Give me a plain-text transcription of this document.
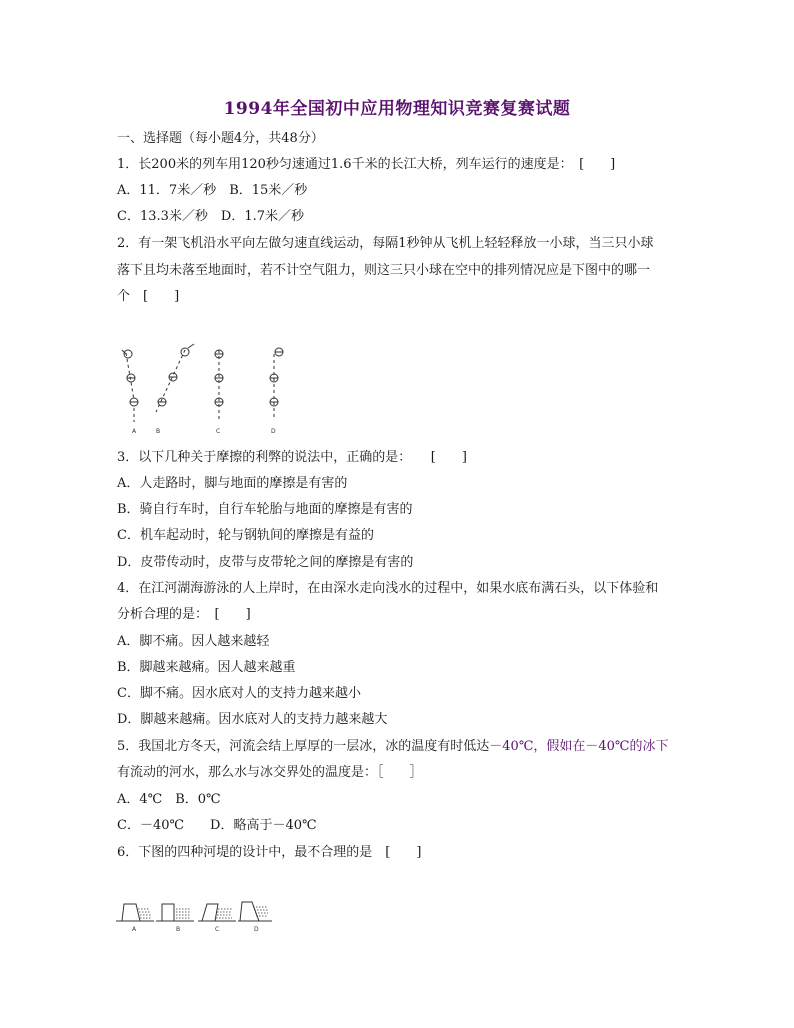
1994年全国初中应用物理知识竞赛复赛试题
一、选择题（每小题4分，共48分）
1．长200米的列车用120秒匀速通过1.6千米的长江大桥，列车运行的速度是：　[　　]
A．11．7米／秒　B．15米／秒
C．13.3米／秒　D．1.7米／秒
2．有一架飞机沿水平向左做匀速直线运动，每隔1秒钟从飞机上轻轻释放一小球，当三只小球
落下且均未落至地面时，若不计空气阻力，则这三只小球在空中的排列情况应是下图中的哪一
个　[　　]
A	B	C	D
3．以下几种关于摩擦的利弊的说法中，正确的是：　　[　　]
A．人走路时，脚与地面的摩擦是有害的
B．骑自行车时，自行车轮胎与地面的摩擦是有害的
C．机车起动时，轮与钢轨间的摩擦是有益的
D．皮带传动时，皮带与皮带轮之间的摩擦是有害的
4．在江河湖海游泳的人上岸时，在由深水走向浅水的过程中，如果水底布满石头，以下体验和
分析合理的是：　[　　]
A．脚不痛。因人越来越轻
B．脚越来越痛。因人越来越重
C．脚不痛。因水底对人的支持力越来越小
D．脚越来越痛。因水底对人的支持力越来越大
5．我国北方冬天，河流会结上厚厚的一层冰，冰的温度有时低达－40℃，假如在－40℃的冰下
有流动的河水，那么水与冰交界处的温度是：［　　］
A．4℃　B．0℃
C．－40℃　　D．略高于－40℃
6．下图的四种河堤的设计中，最不合理的是　[　　]
A	B	C	D
